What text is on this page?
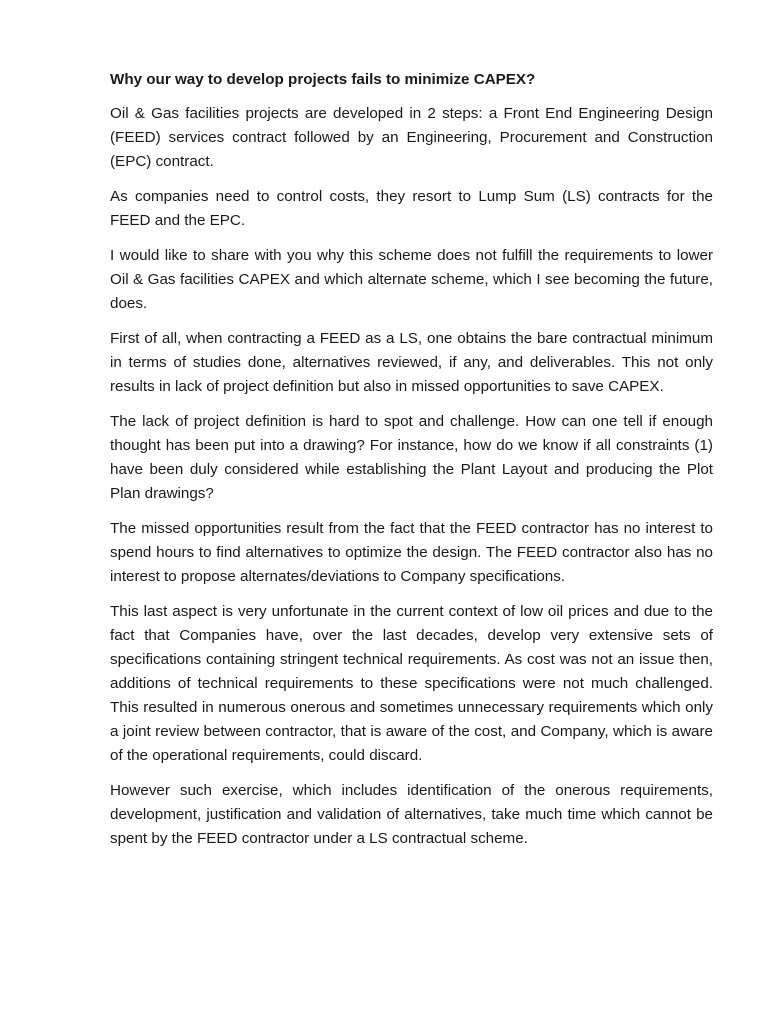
Why our way to develop projects fails to minimize CAPEX?

Oil & Gas facilities projects are developed in 2 steps: a Front End Engineering Design (FEED) services contract followed by an Engineering, Procurement and Construction (EPC) contract.

As companies need to control costs, they resort to Lump Sum (LS) contracts for the FEED and the EPC.

I would like to share with you why this scheme does not fulfill the requirements to lower Oil & Gas facilities CAPEX and which alternate scheme, which I see becoming the future, does.

First of all, when contracting a FEED as a LS, one obtains the bare contractual minimum in terms of studies done, alternatives reviewed, if any, and deliverables. This not only results in lack of project definition but also in missed opportunities to save CAPEX.

The lack of project definition is hard to spot and challenge. How can one tell if enough thought has been put into a drawing? For instance, how do we know if all constraints (1) have been duly considered while establishing the Plant Layout and producing the Plot Plan drawings?

The missed opportunities result from the fact that the FEED contractor has no interest to spend hours to find alternatives to optimize the design. The FEED contractor also has no interest to propose alternates/deviations to Company specifications.

This last aspect is very unfortunate in the current context of low oil prices and due to the fact that Companies have, over the last decades, develop very extensive sets of specifications containing stringent technical requirements. As cost was not an issue then, additions of technical requirements to these specifications were not much challenged. This resulted in numerous onerous and sometimes unnecessary requirements which only a joint review between contractor, that is aware of the cost, and Company, which is aware of the operational requirements, could discard.

However such exercise, which includes identification of the onerous requirements, development, justification and validation of alternatives, take much time which cannot be spent by the FEED contractor under a LS contractual scheme.
